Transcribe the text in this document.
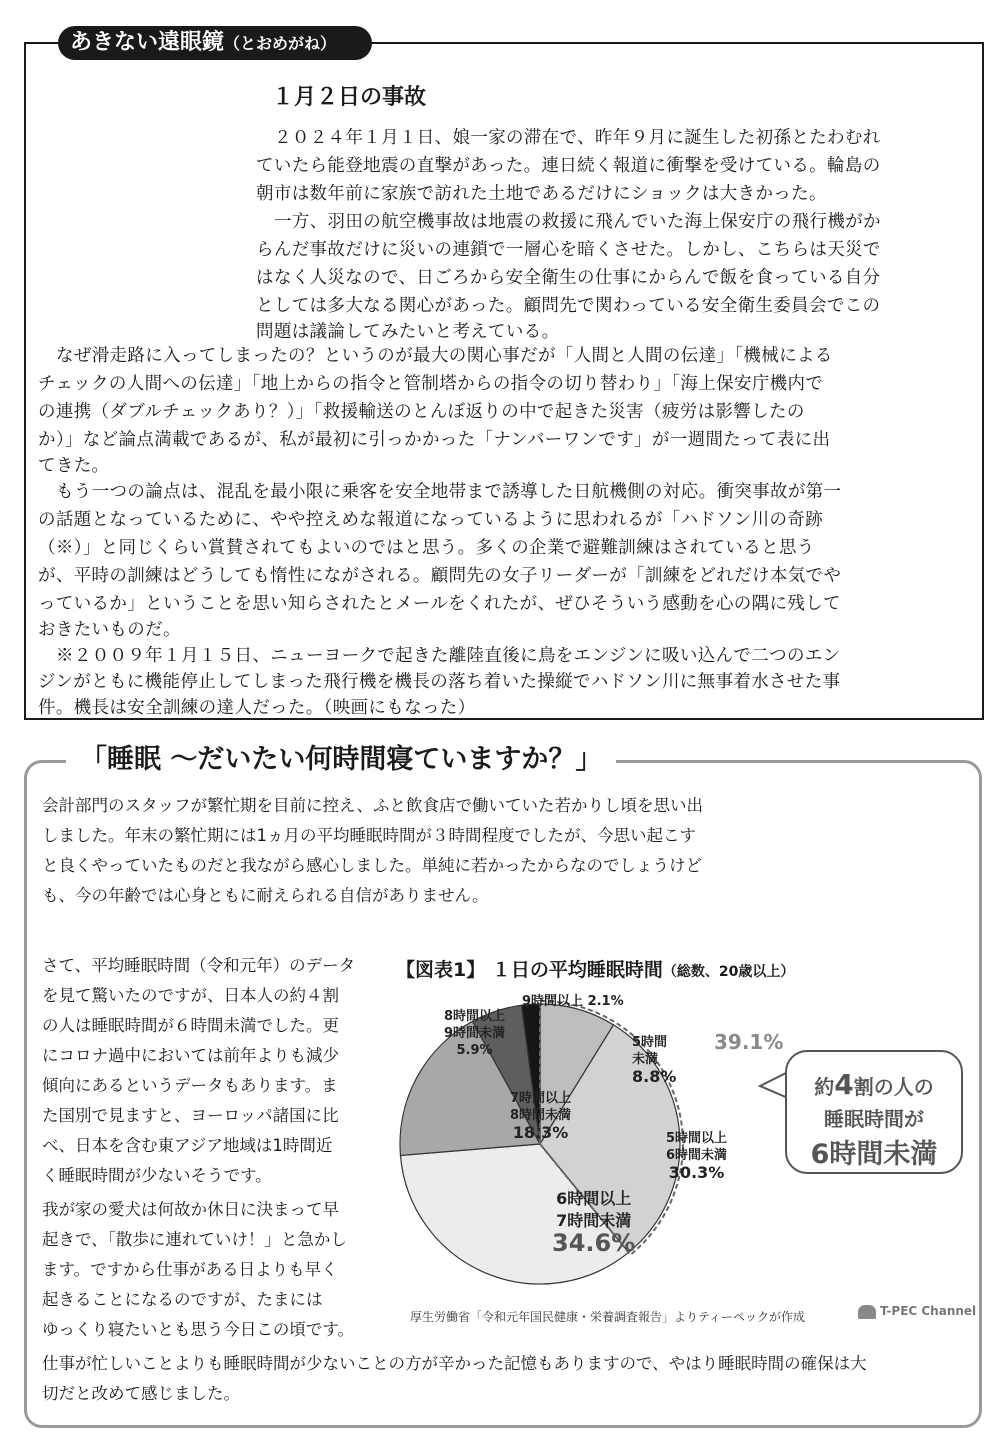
あきない遠眼鏡（とおめがね）
１月２日の事故
２０２４年１月１日、娘一家の滞在で、昨年９月に誕生した初孫とたわむれ
ていたら能登地震の直撃があった。連日続く報道に衝撃を受けている。輪島の
朝市は数年前に家族で訪れた土地であるだけにショックは大きかった。
一方、羽田の航空機事故は地震の救援に飛んでいた海上保安庁の飛行機がか
らんだ事故だけに災いの連鎖で一層心を暗くさせた。しかし、こちらは天災で
はなく人災なので、日ごろから安全衛生の仕事にからんで飯を食っている自分
としては多大なる関心があった。顧問先で関わっている安全衛生委員会でこの
問題は議論してみたいと考えている。
なぜ滑走路に入ってしまったの？というのが最大の関心事だが「人間と人間の伝達」「機械による
チェックの人間への伝達」「地上からの指令と管制塔からの指令の切り替わり」「海上保安庁機内で
の連携（ダブルチェックあり？）」「救援輸送のとんぼ返りの中で起きた災害（疲労は影響したの
か）」など論点満載であるが、私が最初に引っかかった「ナンバーワンです」が一週間たって表に出
てきた。
もう一つの論点は、混乱を最小限に乗客を安全地帯まで誘導した日航機側の対応。衝突事故が第一
の話題となっているために、やや控えめな報道になっているように思われるが「ハドソン川の奇跡
（※）」と同じくらい賞賛されてもよいのではと思う。多くの企業で避難訓練はされていると思う
が、平時の訓練はどうしても惰性にながされる。顧問先の女子リーダーが「訓練をどれだけ本気でや
っているか」ということを思い知らされたとメールをくれたが、ぜひそういう感動を心の隅に残して
おきたいものだ。
※２００９年１月１５日、ニューヨークで起きた離陸直後に鳥をエンジンに吸い込んで二つのエン
ジンがともに機能停止してしまった飛行機を機長の落ち着いた操縦でハドソン川に無事着水させた事
件。機長は安全訓練の達人だった。（映画にもなった）
「睡眠 ～だいたい何時間寝ていますか？」
会計部門のスタッフが繁忙期を目前に控え、ふと飲食店で働いていた若かりし頃を思い出
しました。年末の繁忙期には1ヵ月の平均睡眠時間が３時間程度でしたが、今思い起こす
と良くやっていたものだと我ながら感心しました。単純に若かったからなのでしょうけど
も、今の年齢では心身ともに耐えられる自信がありません。
さて、平均睡眠時間（令和元年）のデータ
を見て驚いたのですが、日本人の約４割
の人は睡眠時間が６時間未満でした。更
にコロナ過中においては前年よりも減少
傾向にあるというデータもあります。ま
た国別で見ますと、ヨーロッパ諸国に比
べ、日本を含む東アジア地域は1時間近
く睡眠時間が少ないそうです。
我が家の愛犬は何故か休日に決まって早
起きで、「散歩に連れていけ！」と急かし
ます。ですから仕事がある日よりも早く
起きることになるのですが、たまには
ゆっくり寝たいとも思う今日この頃です。
仕事が忙しいことよりも睡眠時間が少ないことの方が辛かった記憶もありますので、やはり睡眠時間の確保は大
切だと改めて感じました。
【図表1】 １日の平均睡眠時間（総数、20歳以上）
5時間
未満
8.8%
5時間以上
6時間未満
30.3%
6時間以上
7時間未満
34.6%
7時間以上
8時間未満
18.3%
8時間以上
9時間未満
5.9%
9時間以上 2.1%
39.1%
約4割の人の
睡眠時間が
6時間未満
厚生労働省「令和元年国民健康・栄養調査報告」よりティーペックが作成	T-PEC Channel
